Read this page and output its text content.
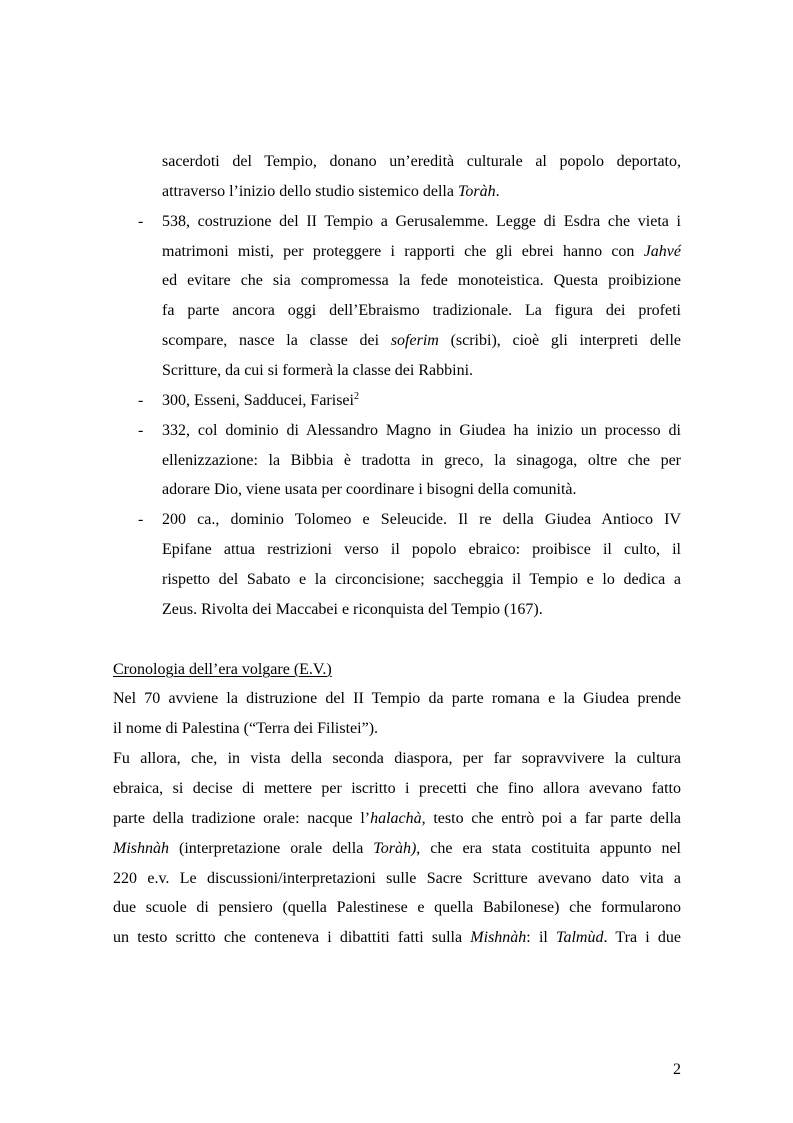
sacerdoti del Tempio, donano un’eredità culturale al popolo deportato,
attraverso l’inizio dello studio sistemico della Toràh.
- 538, costruzione del II Tempio a Gerusalemme. Legge di Esdra che vieta i
matrimoni misti, per proteggere i rapporti che gli ebrei hanno con Jahvé
ed evitare che sia compromessa la fede monoteistica. Questa proibizione
fa parte ancora oggi dell’Ebraismo tradizionale. La figura dei profeti
scompare, nasce la classe dei soferim (scribi), cioè gli interpreti delle
Scritture, da cui si formerà la classe dei Rabbini.
- 300, Esseni, Sadducei, Farisei$^2$
- 332, col dominio di Alessandro Magno in Giudea ha inizio un processo di
ellenizzazione: la Bibbia è tradotta in greco, la sinagoga, oltre che per
adorare Dio, viene usata per coordinare i bisogni della comunità.
- 200 ca., dominio Tolomeo e Seleucide. Il re della Giudea Antioco IV
Epifane attua restrizioni verso il popolo ebraico: proibisce il culto, il
rispetto del Sabato e la circoncisione; saccheggia il Tempio e lo dedica a
Zeus. Rivolta dei Maccabei e riconquista del Tempio (167).
Cronologia dell’era volgare (E.V.)
Nel 70 avviene la distruzione del II Tempio da parte romana e la Giudea prende
il nome di Palestina (“Terra dei Filistei”).
Fu allora, che, in vista della seconda diaspora, per far sopravvivere la cultura
ebraica, si decise di mettere per iscritto i precetti che fino allora avevano fatto
parte della tradizione orale: nacque l’halachà, testo che entrò poi a far parte della
Mishnàh (interpretazione orale della Toràh), che era stata costituita appunto nel
220 e.v. Le discussioni/interpretazioni sulle Sacre Scritture avevano dato vita a
due scuole di pensiero (quella Palestinese e quella Babilonese) che formularono
un testo scritto che conteneva i dibattiti fatti sulla Mishnàh: il Talmùd. Tra i due
2
